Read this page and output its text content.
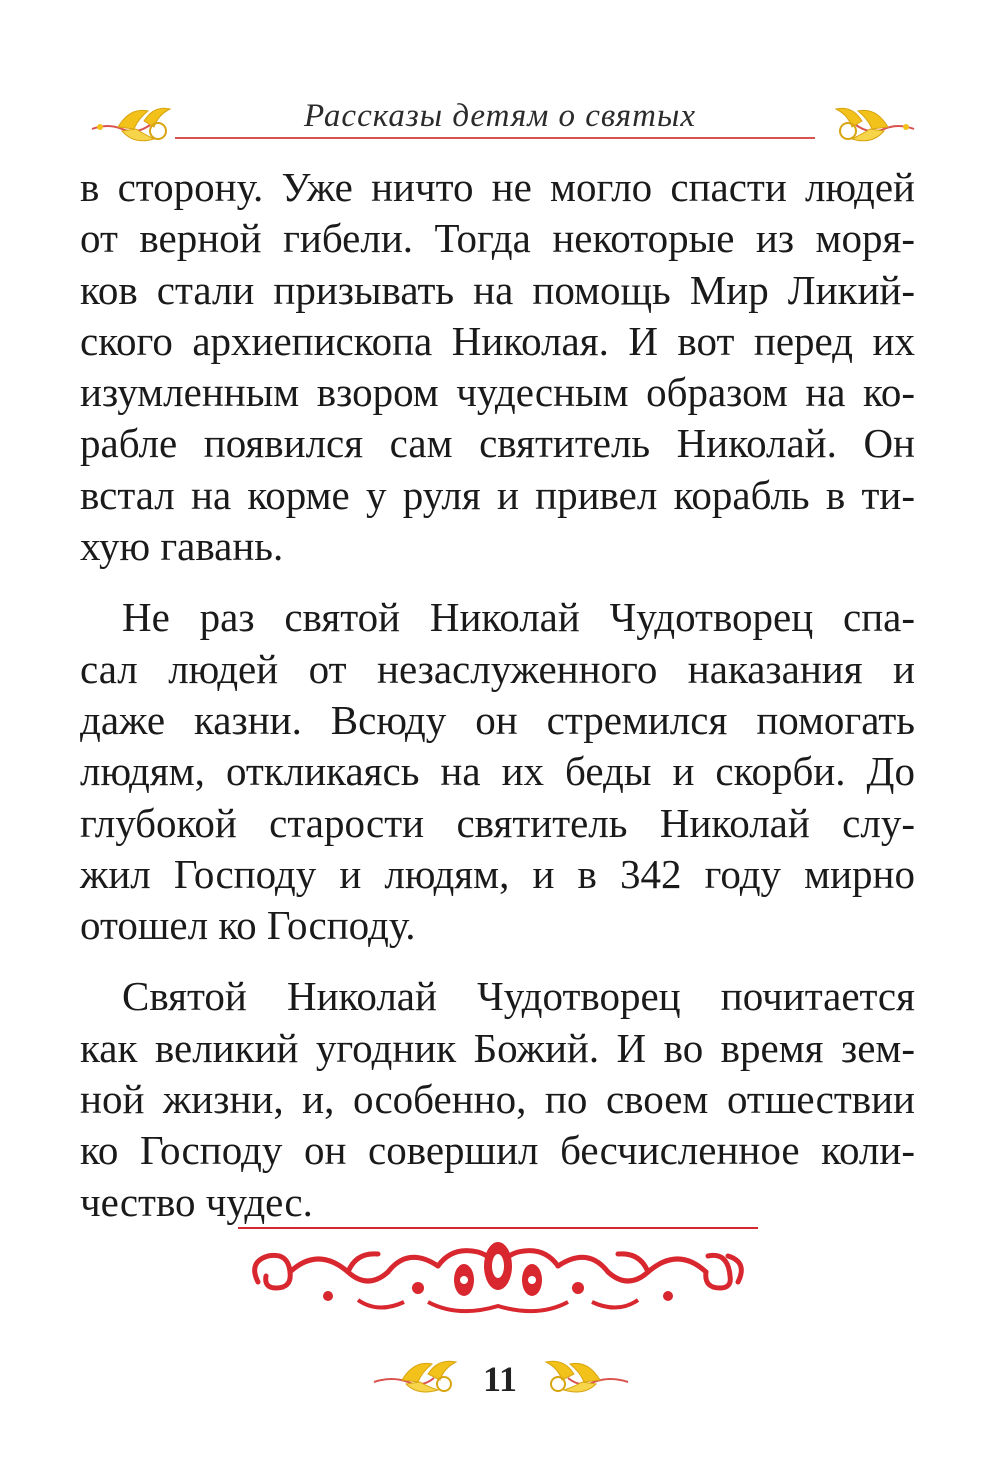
Рассказы детям о святых
в сторону. Уже ничто не могло спасти людей
от верной гибели. Тогда некоторые из моря-
ков стали призывать на помощь Мир Ликий-
ского архиепископа Николая. И вот перед их
изумленным взором чудесным образом на ко-
рабле появился сам святитель Николай. Он
встал на корме у руля и привел корабль в ти-
хую гавань.
Не раз святой Николай Чудотворец спа-
сал людей от незаслуженного наказания и
даже казни. Всюду он стремился помогать
людям, откликаясь на их беды и скорби. До
глубокой старости святитель Николай слу-
жил Господу и людям, и в 342 году мирно
отошел ко Господу.
Святой Николай Чудотворец почитается
как великий угодник Божий. И во время зем-
ной жизни, и, особенно, по своем отшествии
ко Господу он совершил бесчисленное коли-
чество чудес.
11
